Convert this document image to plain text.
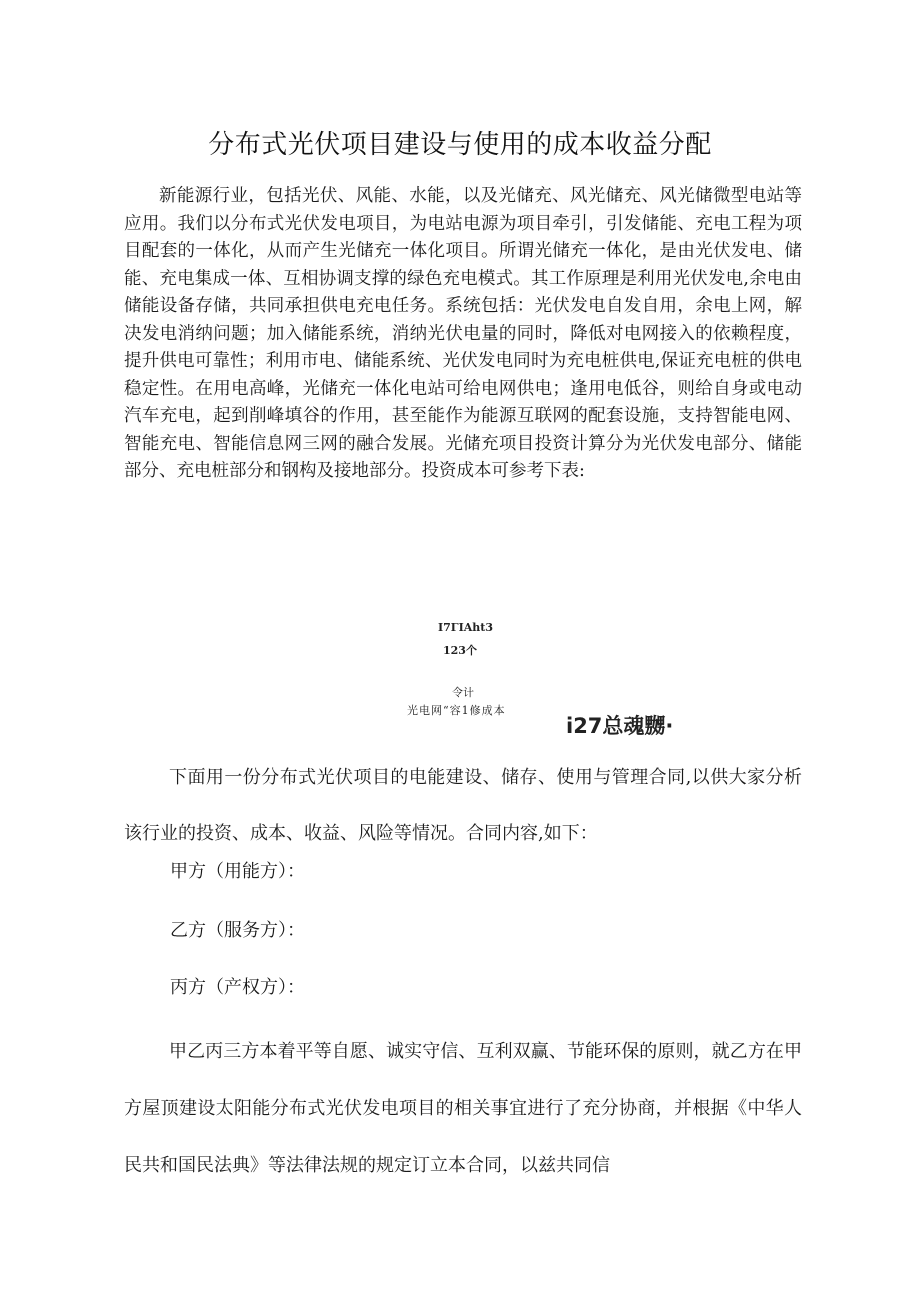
分布式光伏项目建设与使用的成本收益分配

新能源行业，包括光伏、风能、水能，以及光储充、风光储充、风光储微型电站等应用。我们以分布式光伏发电项目，为电站电源为项目牵引，引发储能、充电工程为项目配套的一体化，从而产生光储充一体化项目。所谓光储充一体化，是由光伏发电、储能、充电集成一体、互相协调支撑的绿色充电模式。其工作原理是利用光伏发电,余电由储能设备存储，共同承担供电充电任务。系统包括：光伏发电自发自用，余电上网，解决发电消纳问题；加入储能系统，消纳光伏电量的同时，降低对电网接入的依赖程度，提升供电可靠性；利用市电、储能系统、光伏发电同时为充电桩供电,保证充电桩的供电稳定性。在用电高峰，光储充一体化电站可给电网供电；逢用电低谷，则给自身或电动汽车充电，起到削峰填谷的作用，甚至能作为能源互联网的配套设施，支持智能电网、智能充电、智能信息网三网的融合发展。光储充项目投资计算分为光伏发电部分、储能部分、充电桩部分和钢构及接地部分。投资成本可参考下表:

I7ΓIAht3
123个
令计
光电网“容1修成本
i27总魂嬲·

下面用一份分布式光伏项目的电能建设、储存、使用与管理合同,以供大家分析该行业的投资、成本、收益、风险等情况。合同内容,如下：

甲方（用能方）：

乙方（服务方）：

丙方（产权方）：

甲乙丙三方本着平等自愿、诚实守信、互利双赢、节能环保的原则，就乙方在甲方屋顶建设太阳能分布式光伏发电项目的相关事宜进行了充分协商，并根据《中华人民共和国民法典》等法律法规的规定订立本合同，以兹共同信
